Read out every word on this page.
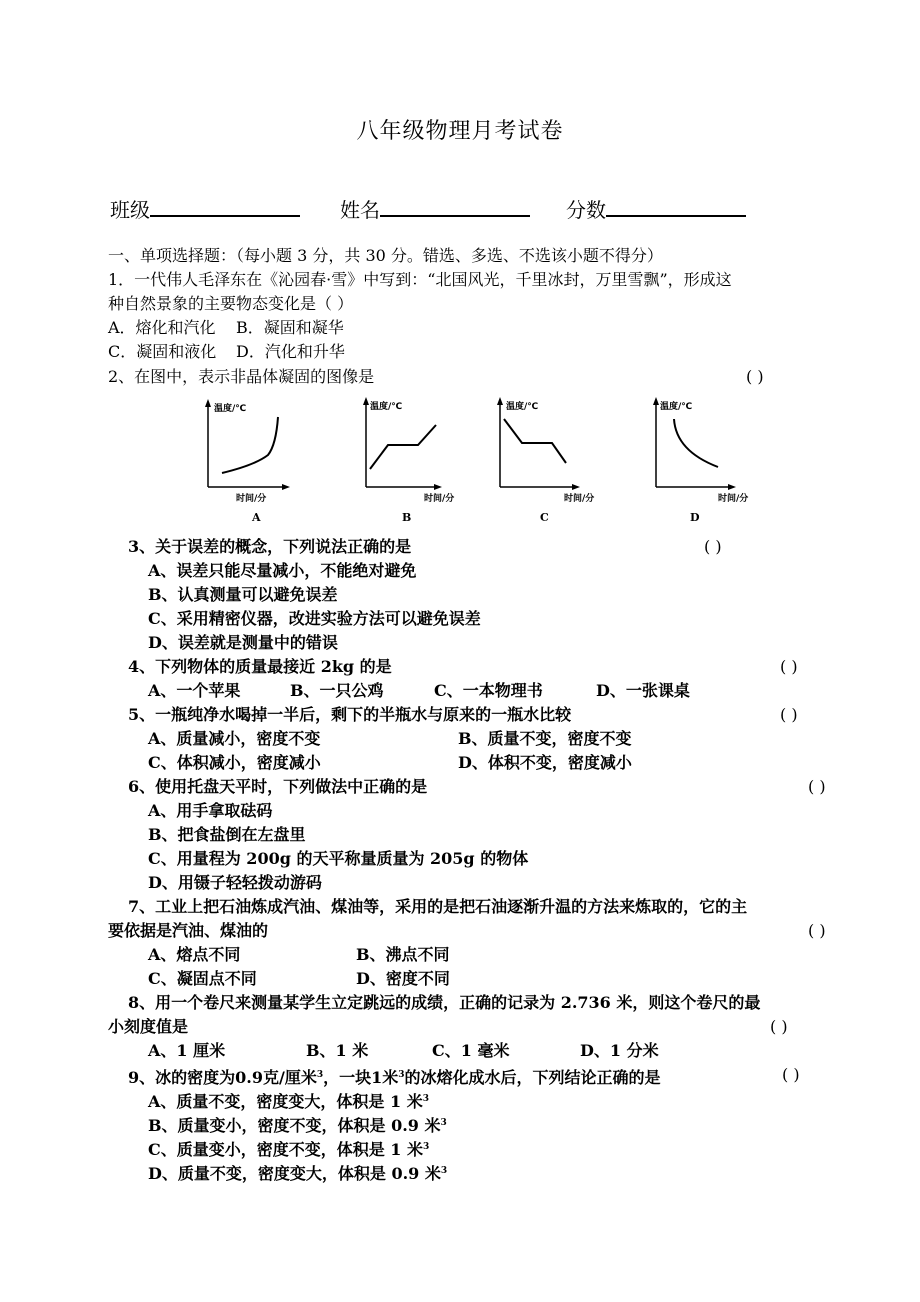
八年级物理月考试卷
班级	姓名	分数
一、单项选择题：（每小题 3 分，共 30 分。错选、多选、不选该小题不得分）
1．一代伟人毛泽东在《沁园春·雪》中写到：“北国风光，千里冰封，万里雪飘”，形成这
种自然景象的主要物态变化是（ ）
A．熔化和汽化 B．凝固和凝华
C．凝固和液化 D．汽化和升华
2、在图中，表示非晶体凝固的图像是	( )
温度/℃
时间/分
A
温度/℃
时间/分
B
温度/℃
时间/分
C
温度/℃
时间/分
D
3、关于误差的概念，下列说法正确的是	( )
A、误差只能尽量减小，不能绝对避免
B、认真测量可以避免误差
C、采用精密仪器，改进实验方法可以避免误差
D、误差就是测量中的错误
4、下列物体的质量最接近 2kg 的是	( )
A、一个苹果	B、一只公鸡	C、一本物理书	D、一张课桌
5、一瓶纯净水喝掉一半后，剩下的半瓶水与原来的一瓶水比较	( )
A、质量减小，密度不变	B、质量不变，密度不变
C、体积减小，密度减小	D、体积不变，密度减小
6、使用托盘天平时，下列做法中正确的是	( )
A、用手拿取砝码
B、把食盐倒在左盘里
C、用量程为 200g 的天平称量质量为 205g 的物体
D、用镊子轻轻拨动游码
7、工业上把石油炼成汽油、煤油等，采用的是把石油逐渐升温的方法来炼取的，它的主
要依据是汽油、煤油的	( )
A、熔点不同	B、沸点不同
C、凝固点不同	D、密度不同
8、用一个卷尺来测量某学生立定跳远的成绩，正确的记录为 2.736 米，则这个卷尺的最
小刻度值是	( )
A、1 厘米	B、1 米	C、1 毫米	D、1 分米
9、冰的密度为0.9克/厘米$^3$，一块1米$^3$的冰熔化成水后，下列结论正确的是	( )
A、质量不变，密度变大，体积是 1 米$^3$
B、质量变小，密度不变，体积是 0.9 米$^3$
C、质量变小，密度不变，体积是 1 米$^3$
D、质量不变，密度变大，体积是 0.9 米$^3$
